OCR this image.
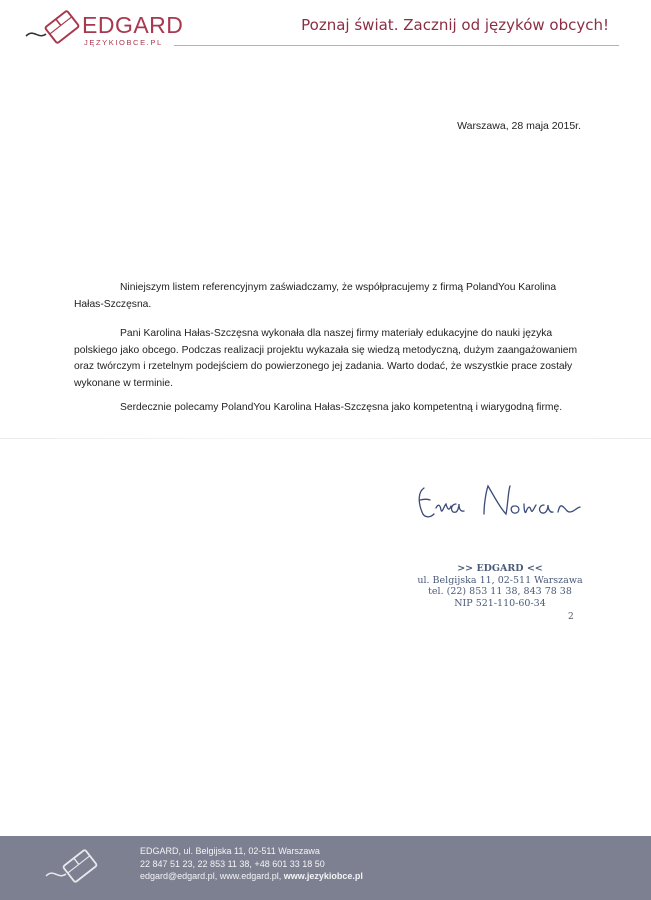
EDGARD
JĘZYKIOBCE.PL
Poznaj świat. Zacznij od języków obcych!
Warszawa, 28 maja 2015r.

Niniejszym listem referencyjnym zaświadczamy, że współpracujemy z firmą PolandYou Karolina Hałas-Szczęsna.

Pani Karolina Hałas-Szczęsna wykonała dla naszej firmy materiały edukacyjne do nauki języka polskiego jako obcego. Podczas realizacji projektu wykazała się wiedzą metodyczną, dużym zaangażowaniem oraz twórczym i rzetelnym podejściem do powierzonego jej zadania. Warto dodać, że wszystkie prace zostały wykonane w terminie.

Serdecznie polecamy PolandYou Karolina Hałas-Szczęsna jako kompetentną i wiarygodną firmę.

>> EDGARD <<
ul. Belgijska 11, 02-511 Warszawa
tel. (22) 853 11 38, 843 78 38
NIP 521-110-60-34
2
EDGARD, ul. Belgijska 11, 02-511 Warszawa
22 847 51 23, 22 853 11 38, +48 601 33 18 50
edgard@edgard.pl, www.edgard.pl, www.jezykiobce.pl
